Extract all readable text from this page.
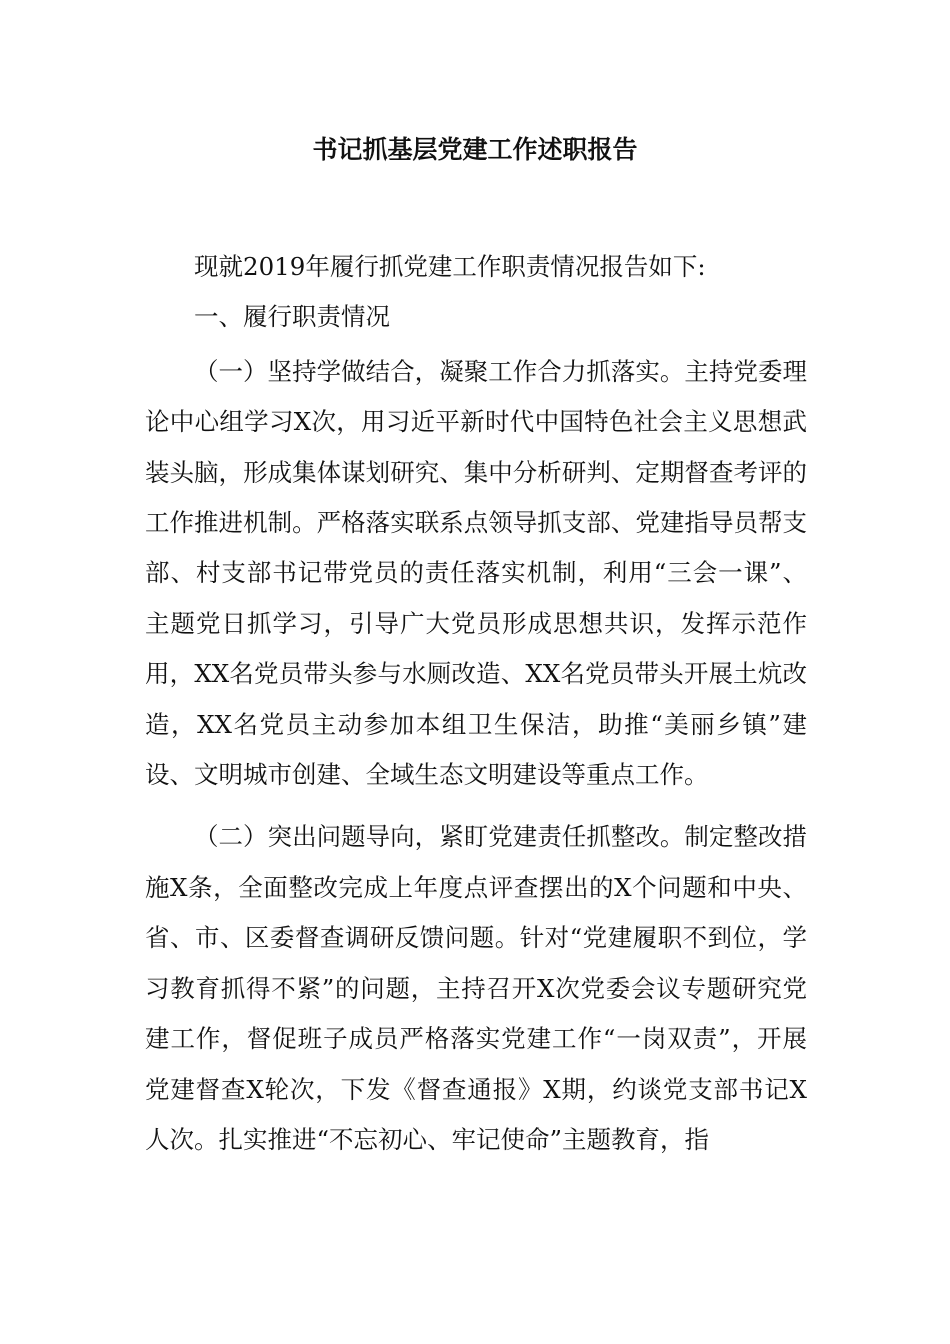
书记抓基层党建工作述职报告

现就2019年履行抓党建工作职责情况报告如下:

一、履行职责情况

（一）坚持学做结合，凝聚工作合力抓落实。主持党委理论中心组学习X次，用习近平新时代中国特色社会主义思想武装头脑，形成集体谋划研究、集中分析研判、定期督查考评的工作推进机制。严格落实联系点领导抓支部、党建指导员帮支部、村支部书记带党员的责任落实机制，利用“三会一课”、主题党日抓学习，引导广大党员形成思想共识，发挥示范作用，XX名党员带头参与水厕改造、XX名党员带头开展土炕改造，XX名党员主动参加本组卫生保洁，助推“美丽乡镇”建设、文明城市创建、全域生态文明建设等重点工作。

（二）突出问题导向，紧盯党建责任抓整改。制定整改措施X条，全面整改完成上年度点评查摆出的X个问题和中央、省、市、区委督查调研反馈问题。针对“党建履职不到位，学习教育抓得不紧”的问题，主持召开X次党委会议专题研究党建工作，督促班子成员严格落实党建工作“一岗双责”，开展党建督查X轮次，下发《督查通报》X期，约谈党支部书记X人次。扎实推进“不忘初心、牢记使命”主题教育，指
